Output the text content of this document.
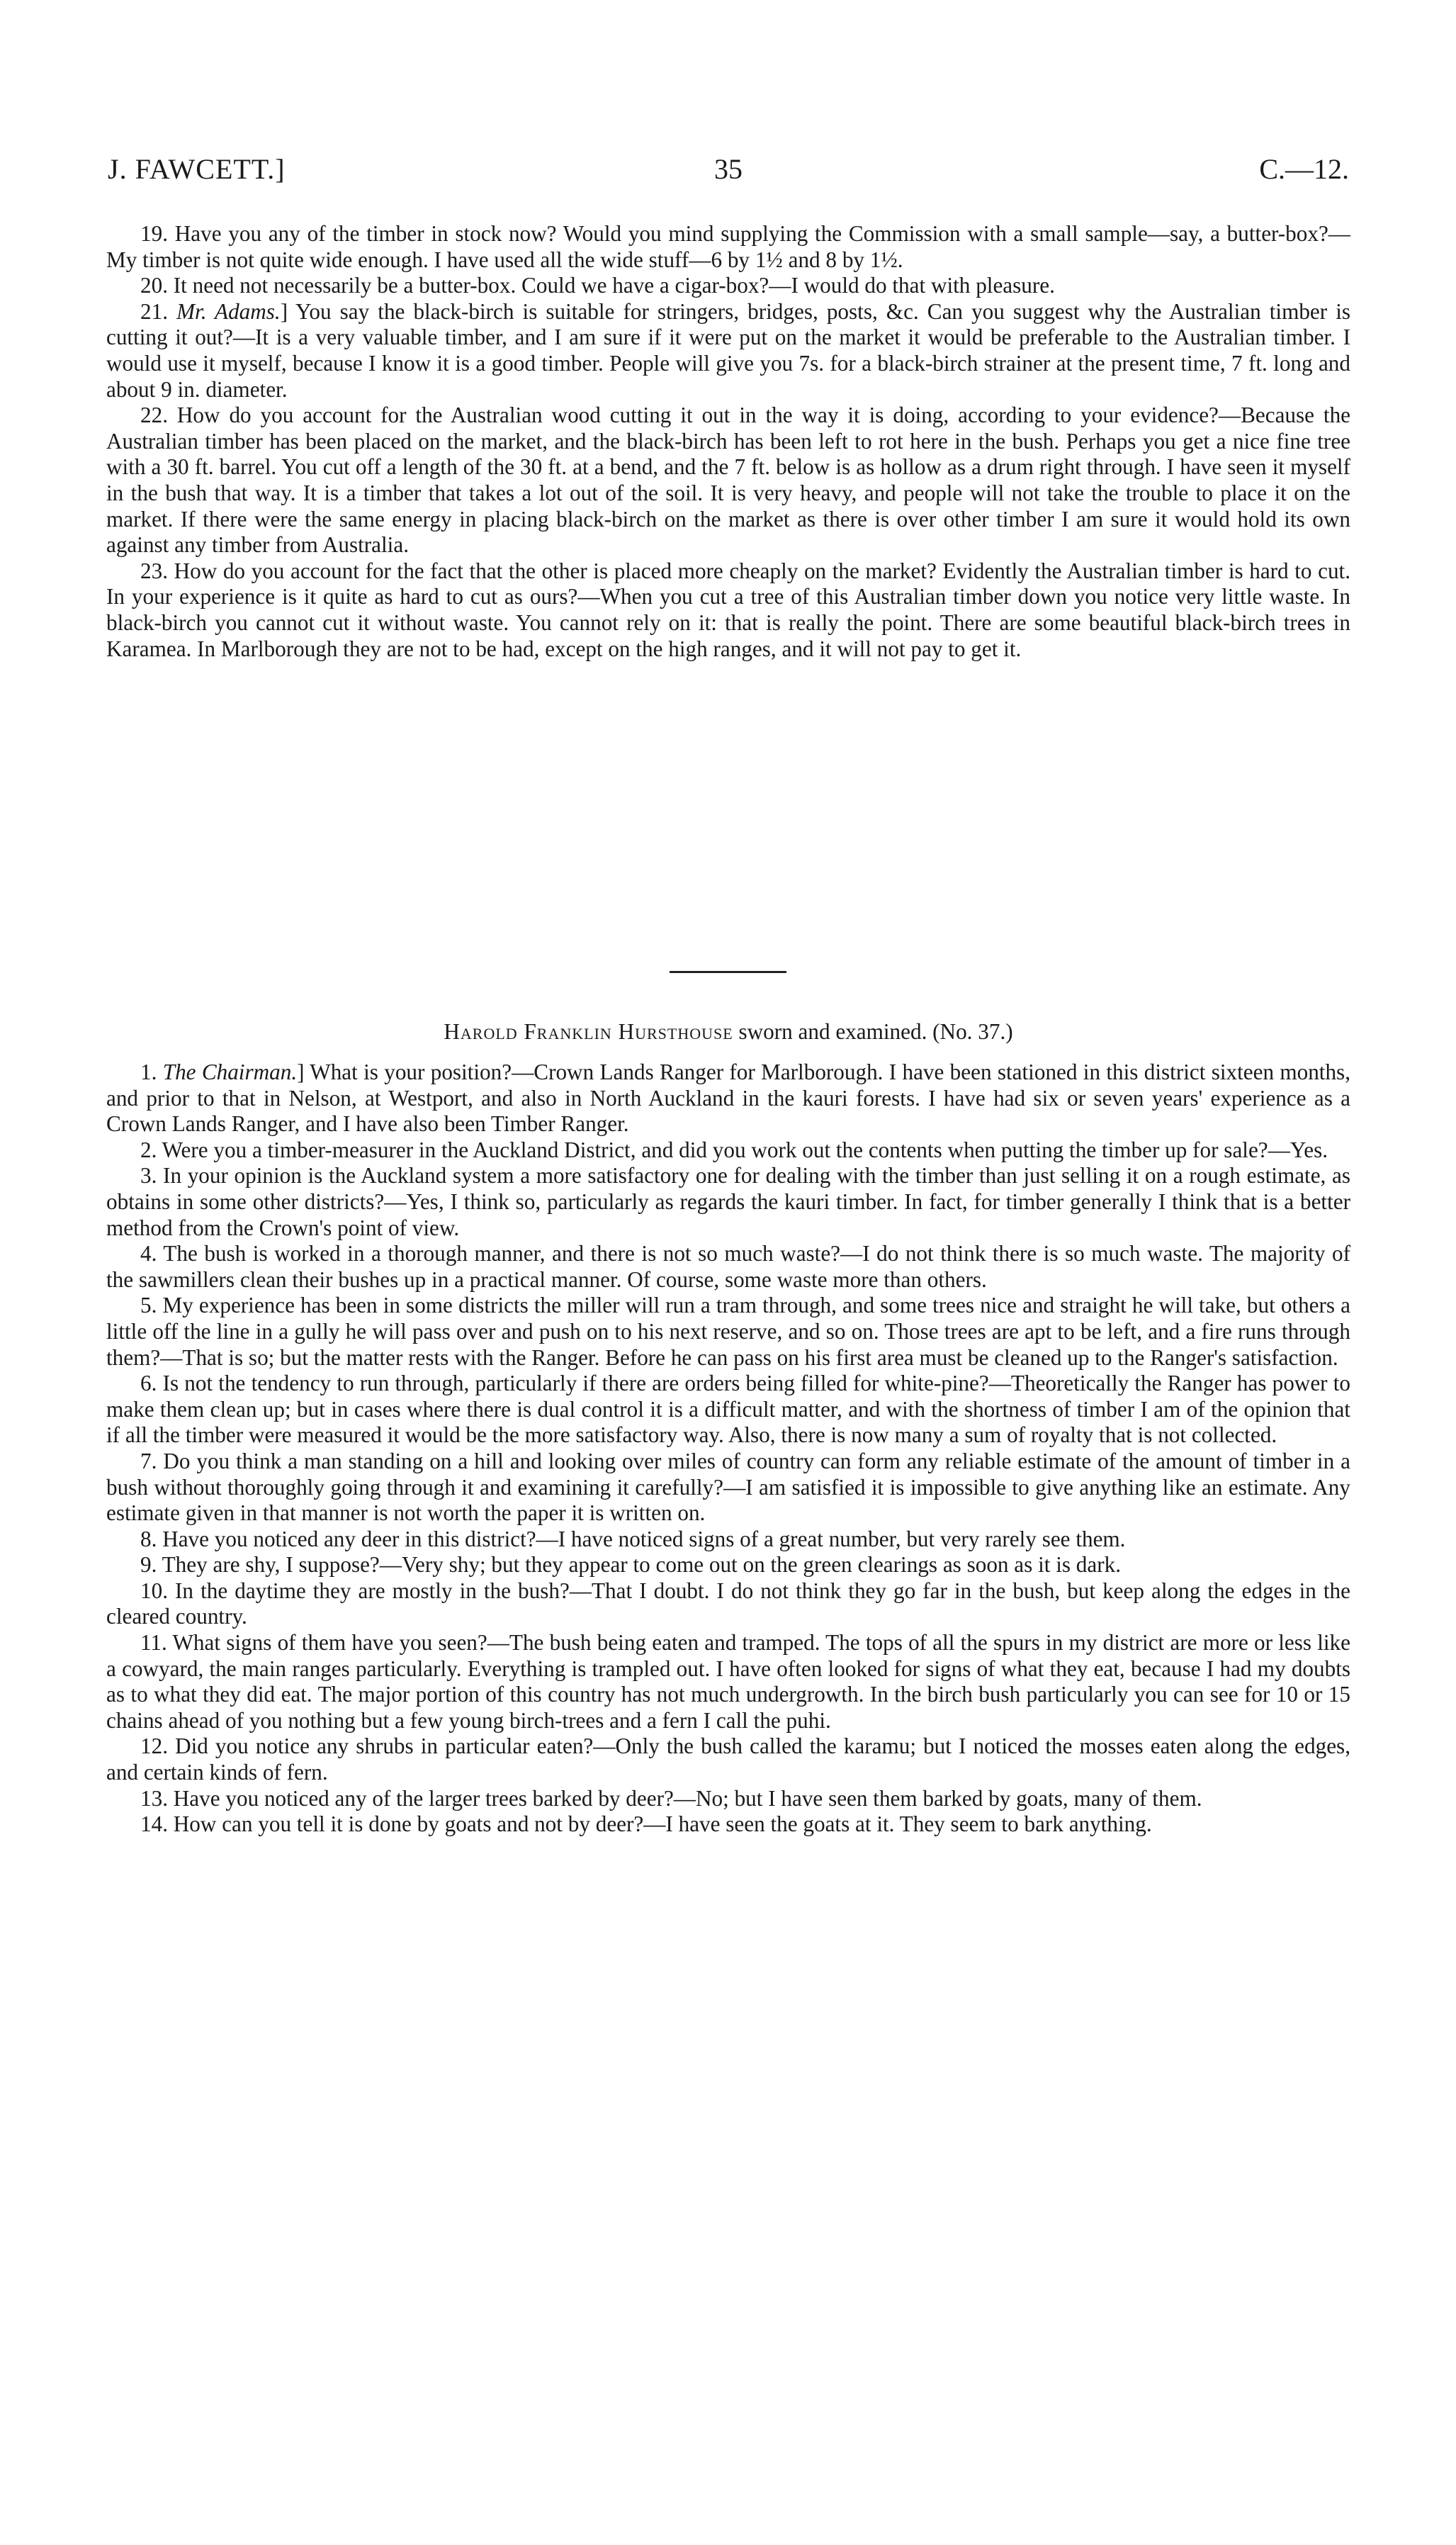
J. FAWCETT.]	35	C.—12.

19. Have you any of the timber in stock now? Would you mind supplying the Commission with a small sample—say, a butter-box?—My timber is not quite wide enough. I have used all the wide stuff—6 by 1½ and 8 by 1½.

20. It need not necessarily be a butter-box. Could we have a cigar-box?—I would do that with pleasure.

21. Mr. Adams.] You say the black-birch is suitable for stringers, bridges, posts, &c. Can you suggest why the Australian timber is cutting it out?—It is a very valuable timber, and I am sure if it were put on the market it would be preferable to the Australian timber. I would use it myself, because I know it is a good timber. People will give you 7s. for a black-birch strainer at the present time, 7 ft. long and about 9 in. diameter.

22. How do you account for the Australian wood cutting it out in the way it is doing, according to your evidence?—Because the Australian timber has been placed on the market, and the black-birch has been left to rot here in the bush. Perhaps you get a nice fine tree with a 30 ft. barrel. You cut off a length of the 30 ft. at a bend, and the 7 ft. below is as hollow as a drum right through. I have seen it myself in the bush that way. It is a timber that takes a lot out of the soil. It is very heavy, and people will not take the trouble to place it on the market. If there were the same energy in placing black-birch on the market as there is over other timber I am sure it would hold its own against any timber from Australia.

23. How do you account for the fact that the other is placed more cheaply on the market? Evidently the Australian timber is hard to cut. In your experience is it quite as hard to cut as ours?—When you cut a tree of this Australian timber down you notice very little waste. In black-birch you cannot cut it without waste. You cannot rely on it: that is really the point. There are some beautiful black-birch trees in Karamea. In Marlborough they are not to be had, except on the high ranges, and it will not pay to get it.

Harold Franklin Hursthouse sworn and examined. (No. 37.)

1. The Chairman.] What is your position?—Crown Lands Ranger for Marlborough. I have been stationed in this district sixteen months, and prior to that in Nelson, at Westport, and also in North Auckland in the kauri forests. I have had six or seven years' experience as a Crown Lands Ranger, and I have also been Timber Ranger.

2. Were you a timber-measurer in the Auckland District, and did you work out the contents when putting the timber up for sale?—Yes.

3. In your opinion is the Auckland system a more satisfactory one for dealing with the timber than just selling it on a rough estimate, as obtains in some other districts?—Yes, I think so, particularly as regards the kauri timber. In fact, for timber generally I think that is a better method from the Crown's point of view.

4. The bush is worked in a thorough manner, and there is not so much waste?—I do not think there is so much waste. The majority of the sawmillers clean their bushes up in a practical manner. Of course, some waste more than others.

5. My experience has been in some districts the miller will run a tram through, and some trees nice and straight he will take, but others a little off the line in a gully he will pass over and push on to his next reserve, and so on. Those trees are apt to be left, and a fire runs through them?—That is so; but the matter rests with the Ranger. Before he can pass on his first area must be cleaned up to the Ranger's satisfaction.

6. Is not the tendency to run through, particularly if there are orders being filled for white-pine?—Theoretically the Ranger has power to make them clean up; but in cases where there is dual control it is a difficult matter, and with the shortness of timber I am of the opinion that if all the timber were measured it would be the more satisfactory way. Also, there is now many a sum of royalty that is not collected.

7. Do you think a man standing on a hill and looking over miles of country can form any reliable estimate of the amount of timber in a bush without thoroughly going through it and examining it carefully?—I am satisfied it is impossible to give anything like an estimate. Any estimate given in that manner is not worth the paper it is written on.

8. Have you noticed any deer in this district?—I have noticed signs of a great number, but very rarely see them.

9. They are shy, I suppose?—Very shy; but they appear to come out on the green clearings as soon as it is dark.

10. In the daytime they are mostly in the bush?—That I doubt. I do not think they go far in the bush, but keep along the edges in the cleared country.

11. What signs of them have you seen?—The bush being eaten and tramped. The tops of all the spurs in my district are more or less like a cowyard, the main ranges particularly. Everything is trampled out. I have often looked for signs of what they eat, because I had my doubts as to what they did eat. The major portion of this country has not much undergrowth. In the birch bush particularly you can see for 10 or 15 chains ahead of you nothing but a few young birch-trees and a fern I call the puhi.

12. Did you notice any shrubs in particular eaten?—Only the bush called the karamu; but I noticed the mosses eaten along the edges, and certain kinds of fern.

13. Have you noticed any of the larger trees barked by deer?—No; but I have seen them barked by goats, many of them.

14. How can you tell it is done by goats and not by deer?—I have seen the goats at it. They seem to bark anything.
